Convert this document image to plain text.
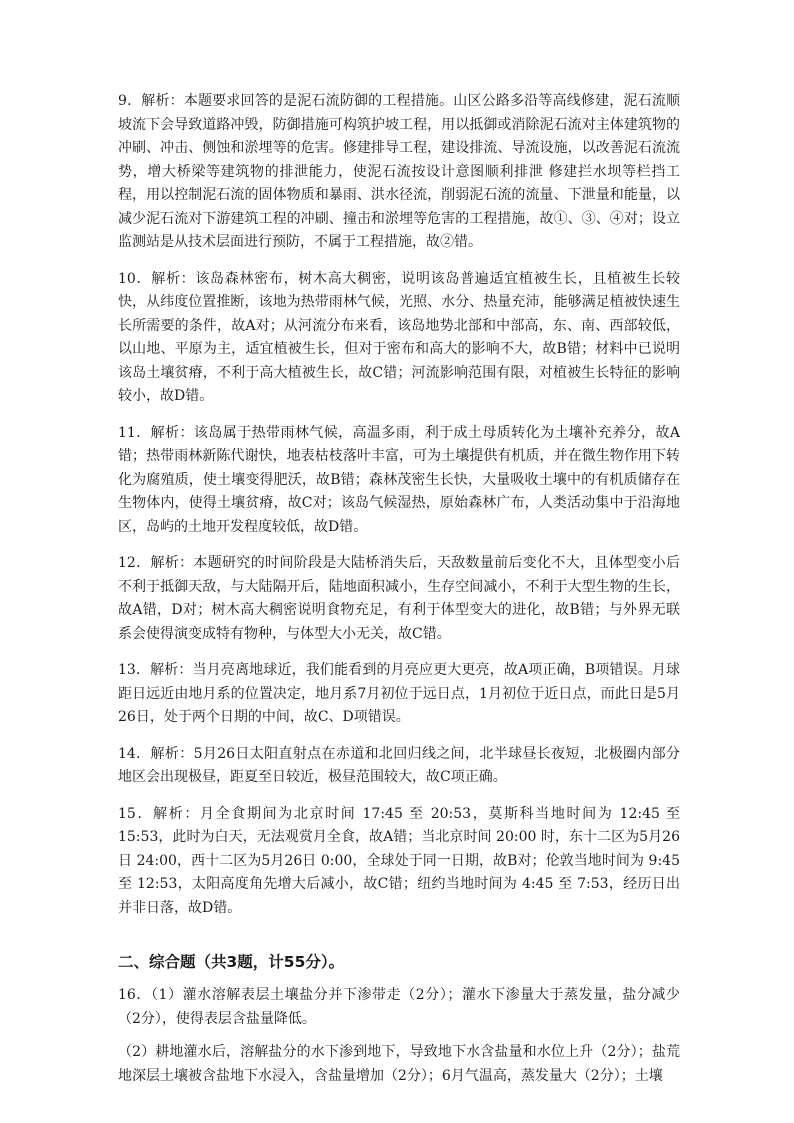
9．解析：本题要求回答的是泥石流防御的工程措施。山区公路多沿等高线修建，泥石流顺坡流下会导致道路冲毁，防御措施可构筑护坡工程，用以抵御或消除泥石流对主体建筑物的冲刷、冲击、侧蚀和淤埋等的危害。修建排导工程，建设排流、导流设施，以改善泥石流流势，增大桥梁等建筑物的排泄能力，使泥石流按设计意图顺利排泄 修建拦水坝等栏挡工程，用以控制泥石流的固体物质和暴雨、洪水径流，削弱泥石流的流量、下泄量和能量，以减少泥石流对下游建筑工程的冲刷、撞击和淤埋等危害的工程措施，故①、③、④对；设立监测站是从技术层面进行预防，不属于工程措施，故②错。

10．解析：该岛森林密布，树木高大稠密，说明该岛普遍适宜植被生长，且植被生长较快，从纬度位置推断，该地为热带雨林气候，光照、水分、热量充沛，能够满足植被快速生长所需要的条件，故A对；从河流分布来看，该岛地势北部和中部高，东、南、西部较低，以山地、平原为主，适宜植被生长，但对于密布和高大的影响不大，故B错；材料中已说明该岛土壤贫瘠，不利于高大植被生长，故C错；河流影响范围有限，对植被生长特征的影响较小，故D错。

11．解析：该岛属于热带雨林气候，高温多雨，利于成土母质转化为土壤补充养分，故A错；热带雨林新陈代谢快，地表枯枝落叶丰富，可为土壤提供有机质，并在微生物作用下转化为腐殖质，使土壤变得肥沃，故B错；森林茂密生长快，大量吸收土壤中的有机质储存在生物体内，使得土壤贫瘠，故C对；该岛气候湿热，原始森林广布，人类活动集中于沿海地区，岛屿的土地开发程度较低，故D错。

12．解析：本题研究的时间阶段是大陆桥消失后，天敌数量前后变化不大，且体型变小后不利于抵御天敌，与大陆隔开后，陆地面积减小，生存空间减小，不利于大型生物的生长，故A错，D对；树木高大稠密说明食物充足，有利于体型变大的进化，故B错；与外界无联系会使得演变成特有物种，与体型大小无关，故C错。

13．解析：当月亮离地球近，我们能看到的月亮应更大更亮，故A项正确，B项错误。月球距日远近由地月系的位置决定，地月系7月初位于远日点，1月初位于近日点，而此日是5月26日，处于两个日期的中间，故C、D项错误。

14．解析：5月26日太阳直射点在赤道和北回归线之间，北半球昼长夜短，北极圈内部分地区会出现极昼，距夏至日较近，极昼范围较大，故C项正确。

15．解析：月全食期间为北京时间 17:45 至 20:53，莫斯科当地时间为 12:45 至 15:53，此时为白天，无法观赏月全食，故A错；当北京时间 20:00 时，东十二区为5月26日 24:00，西十二区为5月26日 0:00，全球处于同一日期，故B对；伦敦当地时间为 9:45 至 12:53，太阳高度角先增大后减小，故C错；纽约当地时间为 4:45 至 7:53，经历日出并非日落，故D错。

二、综合题（共3题，计55分）。

16．（1）灌水溶解表层土壤盐分并下渗带走（2分）；灌水下渗量大于蒸发量，盐分减少（2分），使得表层含盐量降低。

（2）耕地灌水后，溶解盐分的水下渗到地下，导致地下水含盐量和水位上升（2分）；盐荒地深层土壤被含盐地下水浸入，含盐量增加（2分）；6月气温高，蒸发量大（2分）；土壤
